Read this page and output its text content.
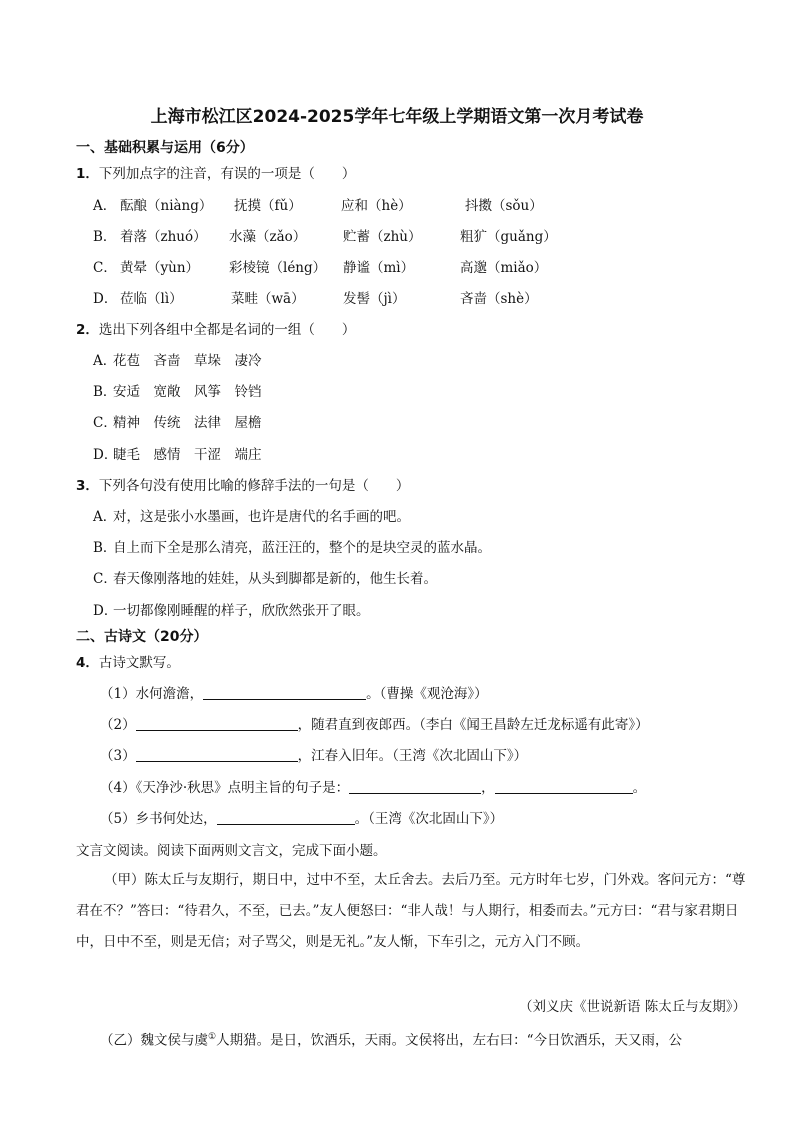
上海市松江区2024-2025学年七年级上学期语文第一次月考试卷
一、基础积累与运用（6分）
1．下列加点字的注音，有误的一项是（　　）
A． 酝酿（niàng） 抚摸（fǔ）	应和（hè）	抖擞（sǒu）
B． 着落（zhuó） 水藻（zǎo）	贮蓄（zhù）	粗犷（guǎng）
C． 黄晕（yùn） 彩棱镜（léng） 静谧（mì）	高邈（miǎo）
D． 莅临（lì）	菜畦（wā）	发髻（jì）	吝啬（shè）
2．选出下列各组中全都是名词的一组（　　）
A．花苞　吝啬　草垛　凄冷
B．安适　宽敞　风筝　铃铛
C．精神　传统　法律　屋檐
D．睫毛　感情　干涩　端庄
3．下列各句没有使用比喻的修辞手法的一句是（　　）
A．对，这是张小水墨画，也许是唐代的名手画的吧。
B．自上而下全是那么清亮，蓝汪汪的，整个的是块空灵的蓝水晶。
C．春天像刚落地的娃娃，从头到脚都是新的，他生长着。
D．一切都像刚睡醒的样子，欣欣然张开了眼。
二、古诗文（20分）
4．古诗文默写。
（1）水何澹澹，	。（曹操《观沧海》）
（2）	，随君直到夜郎西。（李白《闻王昌龄左迁龙标遥有此寄》）
（3）	，江春入旧年。（王湾《次北固山下》）
（4）《天净沙·秋思》点明主旨的句子是：	，	。
（5）乡书何处达，	。（王湾《次北固山下》）
文言文阅读。阅读下面两则文言文，完成下面小题。
（甲）陈太丘与友期行，期日中，过中不至，太丘舍去。去后乃至。元方时年七岁，门外戏。客问元方：“尊君在不？”答曰：“待君久，不至，已去。”友人便怒曰：“非人哉！与人期行，相委而去。”元方曰：“君与家君期日中，日中不至，则是无信；对子骂父，则是无礼。”友人惭，下车引之，元方入门不顾。
（刘义庆《世说新语 陈太丘与友期》）
（乙）魏文侯与虞①人期猎。是日，饮酒乐，天雨。文侯将出，左右曰：“今日饮酒乐，天又雨，公
